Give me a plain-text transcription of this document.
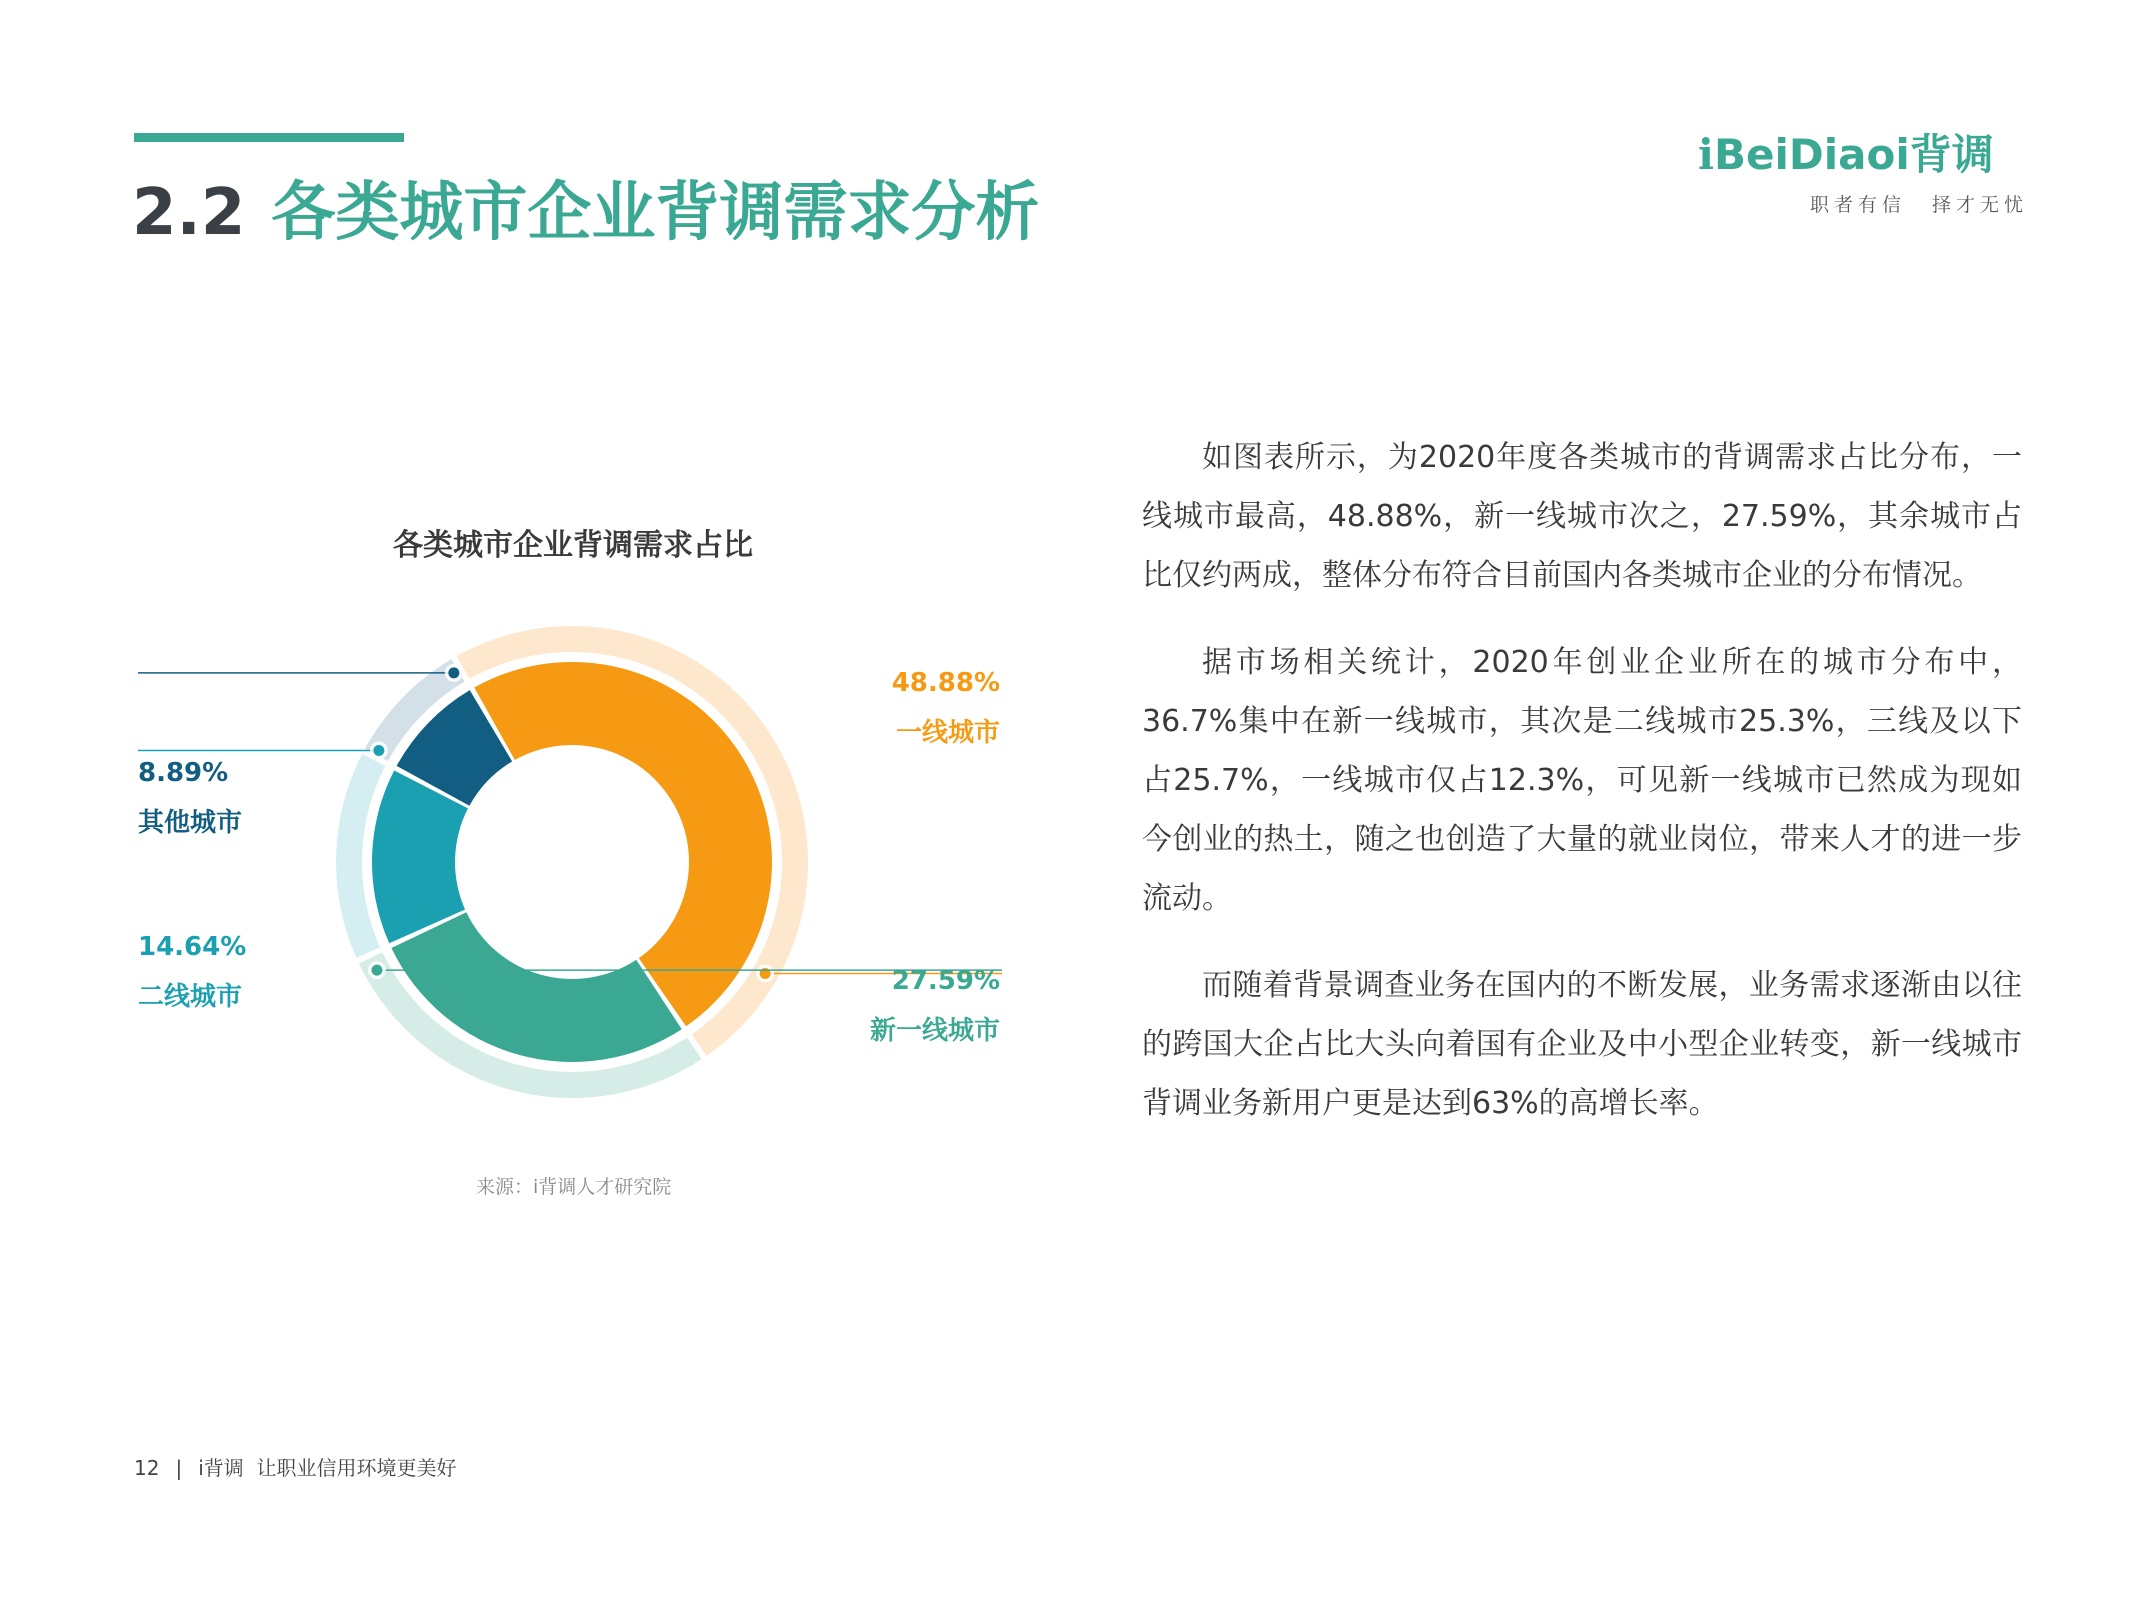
2.2 各类城市企业背调需求分析
iBeiDiaoi背调
职者有信 择才无忧
各类城市企业背调需求占比
48.88%
一线城市
27.59%
新一线城市
14.64%
二线城市
8.89%
其他城市
来源：i背调人才研究院

如图表所示，为2020年度各类城市的背调需求占比分布，一线城市最高，48.88%，新一线城市次之，27.59%，其余城市占比仅约两成，整体分布符合目前国内各类城市企业的分布情况。

据市场相关统计，2020年创业企业所在的城市分布中，36.7%集中在新一线城市，其次是二线城市25.3%，三线及以下占25.7%，一线城市仅占12.3%，可见新一线城市已然成为现如今创业的热土，随之也创造了大量的就业岗位，带来人才的进一步流动。

而随着背景调查业务在国内的不断发展，业务需求逐渐由以往的跨国大企占比大头向着国有企业及中小型企业转变，新一线城市背调业务新用户更是达到63%的高增长率。

12 | i背调 让职业信用环境更美好
